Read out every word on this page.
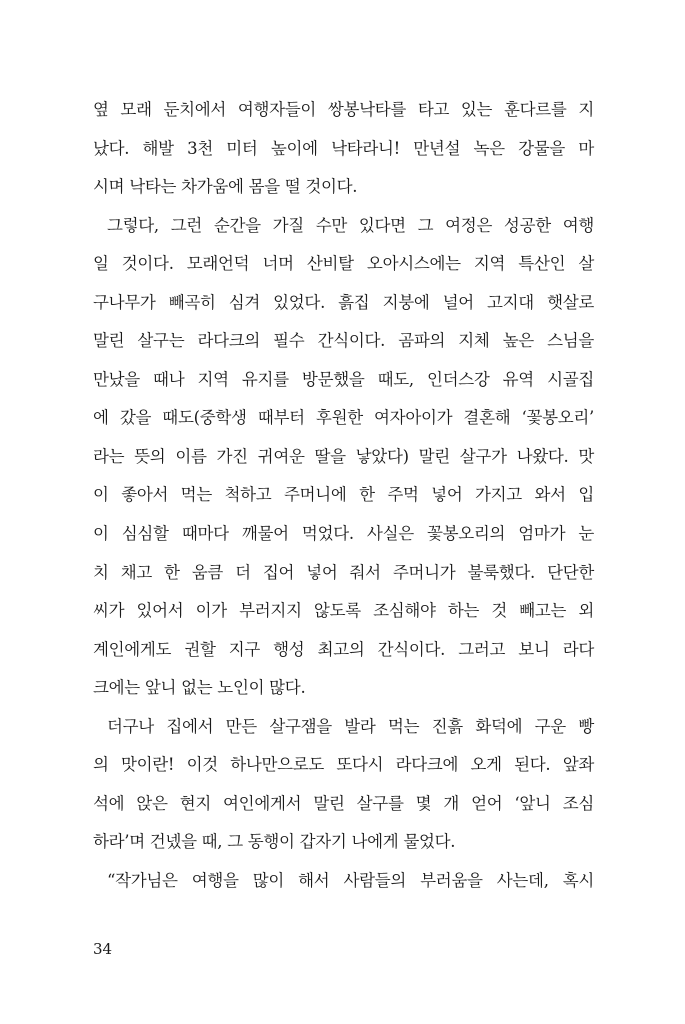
옆 모래 둔치에서 여행자들이 쌍봉낙타를 타고 있는 훈다르를 지
났다. 해발 3천 미터 높이에 낙타라니! 만년설 녹은 강물을 마
시며 낙타는 차가움에 몸을 떨 것이다.
그렇다, 그런 순간을 가질 수만 있다면 그 여정은 성공한 여행
일 것이다. 모래언덕 너머 산비탈 오아시스에는 지역 특산인 살
구나무가 빼곡히 심겨 있었다. 흙집 지붕에 널어 고지대 햇살로
말린 살구는 라다크의 필수 간식이다. 곰파의 지체 높은 스님을
만났을 때나 지역 유지를 방문했을 때도, 인더스강 유역 시골집
에 갔을 때도(중학생 때부터 후원한 여자아이가 결혼해 ‘꽃봉오리’
라는 뜻의 이름 가진 귀여운 딸을 낳았다) 말린 살구가 나왔다. 맛
이 좋아서 먹는 척하고 주머니에 한 주먹 넣어 가지고 와서 입
이 심심할 때마다 깨물어 먹었다. 사실은 꽃봉오리의 엄마가 눈
치 채고 한 움큼 더 집어 넣어 줘서 주머니가 불룩했다. 단단한
씨가 있어서 이가 부러지지 않도록 조심해야 하는 것 빼고는 외
계인에게도 권할 지구 행성 최고의 간식이다. 그러고 보니 라다
크에는 앞니 없는 노인이 많다.
더구나 집에서 만든 살구잼을 발라 먹는 진흙 화덕에 구운 빵
의 맛이란! 이것 하나만으로도 또다시 라다크에 오게 된다. 앞좌
석에 앉은 현지 여인에게서 말린 살구를 몇 개 얻어 ‘앞니 조심
하라’며 건넸을 때, 그 동행이 갑자기 나에게 물었다.
“작가님은 여행을 많이 해서 사람들의 부러움을 사는데, 혹시
34
